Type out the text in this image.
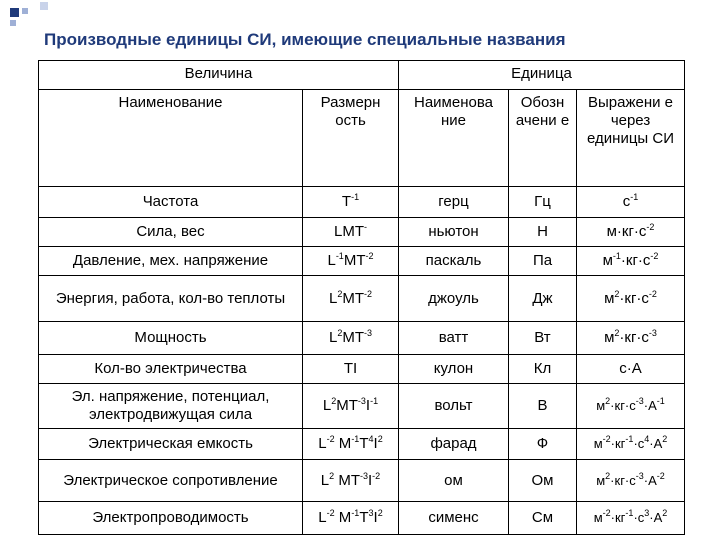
Производные единицы СИ, имеющие специальные названия
Величина		Единица		
Наименование	Размерн ость	Наименова ние	Обозн ачени е	Выражени е через единицы СИ
Частота	$T^{-1}$	герц	Гц	$с^{-1}$
Сила, вес	LMT-	ньютон	Н	$м\cdot кг\cdot с^{-2}$
Давление, мех. напряжение	$L^{-1}MT^{-2}$	паскаль	Па	$м^{-1}\cdot кг\cdot с^{-2}$
Энергия, работа, кол-во теплоты	$L^2MT^{-2}$	джоуль	Дж	$м^2\cdot кг\cdot с^{-2}$
Мощность	$L^2MT^{-3}$	ватт	Вт	$м^2\cdot кг\cdot с^{-3}$
Кол-во электричества	TI	кулон	Кл	с·А
Эл. напряжение, потенциал, электродвижущая сила	$L^2MT^{-3}I^{-1}$	вольт	В	$м^2\cdot кг\cdot с^{-3}\cdot А^{-1}$
Электрическая емкость	$L^{-2}$ $M^{-1}T^4I^2$	фарад	Ф	$м^{-2}\cdot кг^{-1}\cdot с^4\cdot А^2$
Электрическое сопротивление	$L^2$ $MT^{-3}I^{-2}$	ом	Ом	$м^2\cdot кг\cdot с^{-3}\cdot А^{-2}$
Электропроводимость	$L^{-2}$ $M^{-1}T^3I^2$	сименс	См	$м^{-2}\cdot кг^{-1}\cdot с^3\cdot А^2$
